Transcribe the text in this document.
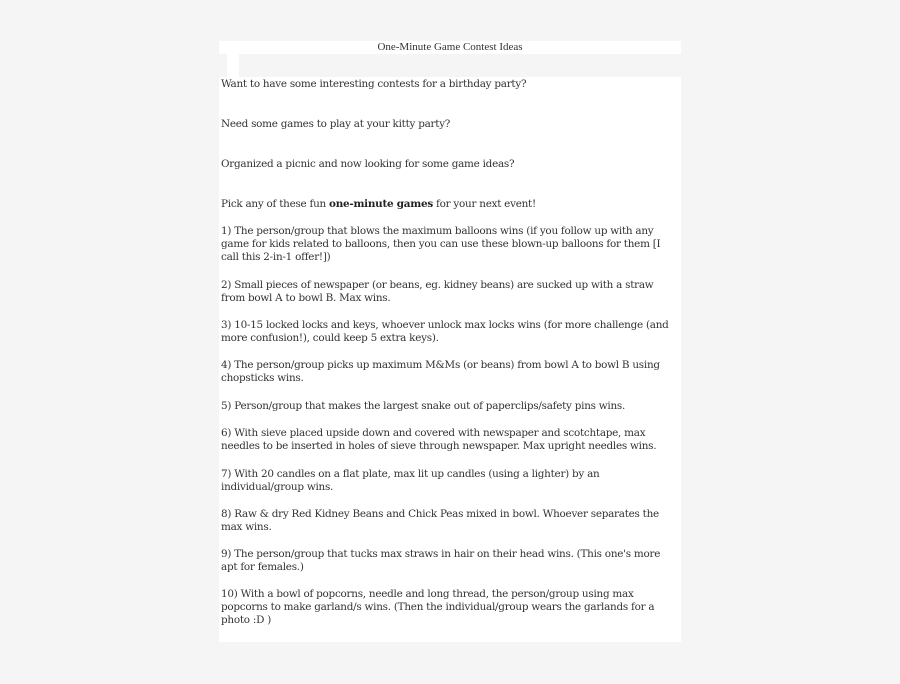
One-Minute Game Contest Ideas
Want to have some interesting contests for a birthday party?
Need some games to play at your kitty party?
Organized a picnic and now looking for some game ideas?
Pick any of these fun one-minute games for your next event!
1) The person/group that blows the maximum balloons wins (if you follow up with any game for kids related to balloons, then you can use these blown-up balloons for them [I call this 2-in-1 offer!])
2) Small pieces of newspaper (or beans, eg. kidney beans) are sucked up with a straw from bowl A to bowl B. Max wins.
3) 10-15 locked locks and keys, whoever unlock max locks wins (for more challenge (and more confusion!), could keep 5 extra keys).
4) The person/group picks up maximum M&Ms (or beans) from bowl A to bowl B using chopsticks wins.
5) Person/group that makes the largest snake out of paperclips/safety pins wins.
6) With sieve placed upside down and covered with newspaper and scotchtape, max needles to be inserted in holes of sieve through newspaper. Max upright needles wins.
7) With 20 candles on a flat plate, max lit up candles (using a lighter) by an individual/group wins.
8) Raw & dry Red Kidney Beans and Chick Peas mixed in bowl. Whoever separates the max wins.
9) The person/group that tucks max straws in hair on their head wins. (This one's more apt for females.)
10) With a bowl of popcorns, needle and long thread, the person/group using max popcorns to make garland/s wins. (Then the individual/group wears the garlands for a photo :D )
